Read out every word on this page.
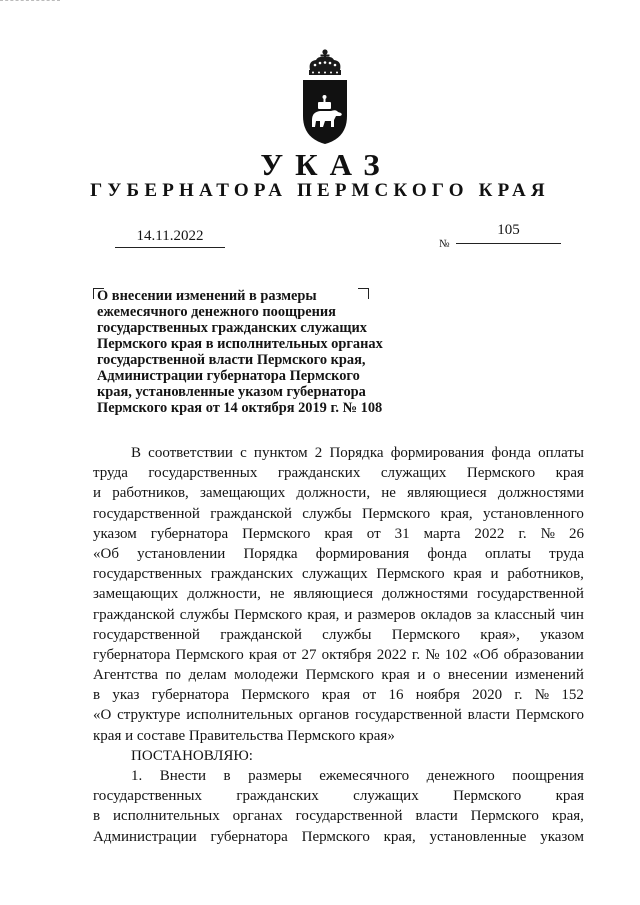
УКАЗ
ГУБЕРНАТОРА ПЕРМСКОГО КРАЯ
14.11.2022	№
105
О внесении изменений в размеры
ежемесячного денежного поощрения
государственных гражданских служащих
Пермского края в исполнительных органах
государственной власти Пермского края,
Администрации губернатора Пермского
края, установленные указом губернатора
Пермского края от 14 октября 2019 г. № 108
В соответствии с пунктом 2 Порядка формирования фонда оплаты
труда государственных гражданских служащих Пермского края
и работников, замещающих должности, не являющиеся должностями
государственной гражданской службы Пермского края, установленного
указом губернатора Пермского края от 31 марта 2022 г. № 26
«Об установлении Порядка формирования фонда оплаты труда
государственных гражданских служащих Пермского края и работников,
замещающих должности, не являющиеся должностями государственной
гражданской службы Пермского края, и размеров окладов за классный чин
государственной гражданской службы Пермского края», указом
губернатора Пермского края от 27 октября 2022 г. № 102 «Об образовании
Агентства по делам молодежи Пермского края и о внесении изменений
в указ губернатора Пермского края от 16 ноября 2020 г. № 152
«О структуре исполнительных органов государственной власти Пермского
края и составе Правительства Пермского края»
ПОСТАНОВЛЯЮ:
1. Внести в размеры ежемесячного денежного поощрения
государственных гражданских служащих Пермского края
в исполнительных органах государственной власти Пермского края,
Администрации губернатора Пермского края, установленные указом
